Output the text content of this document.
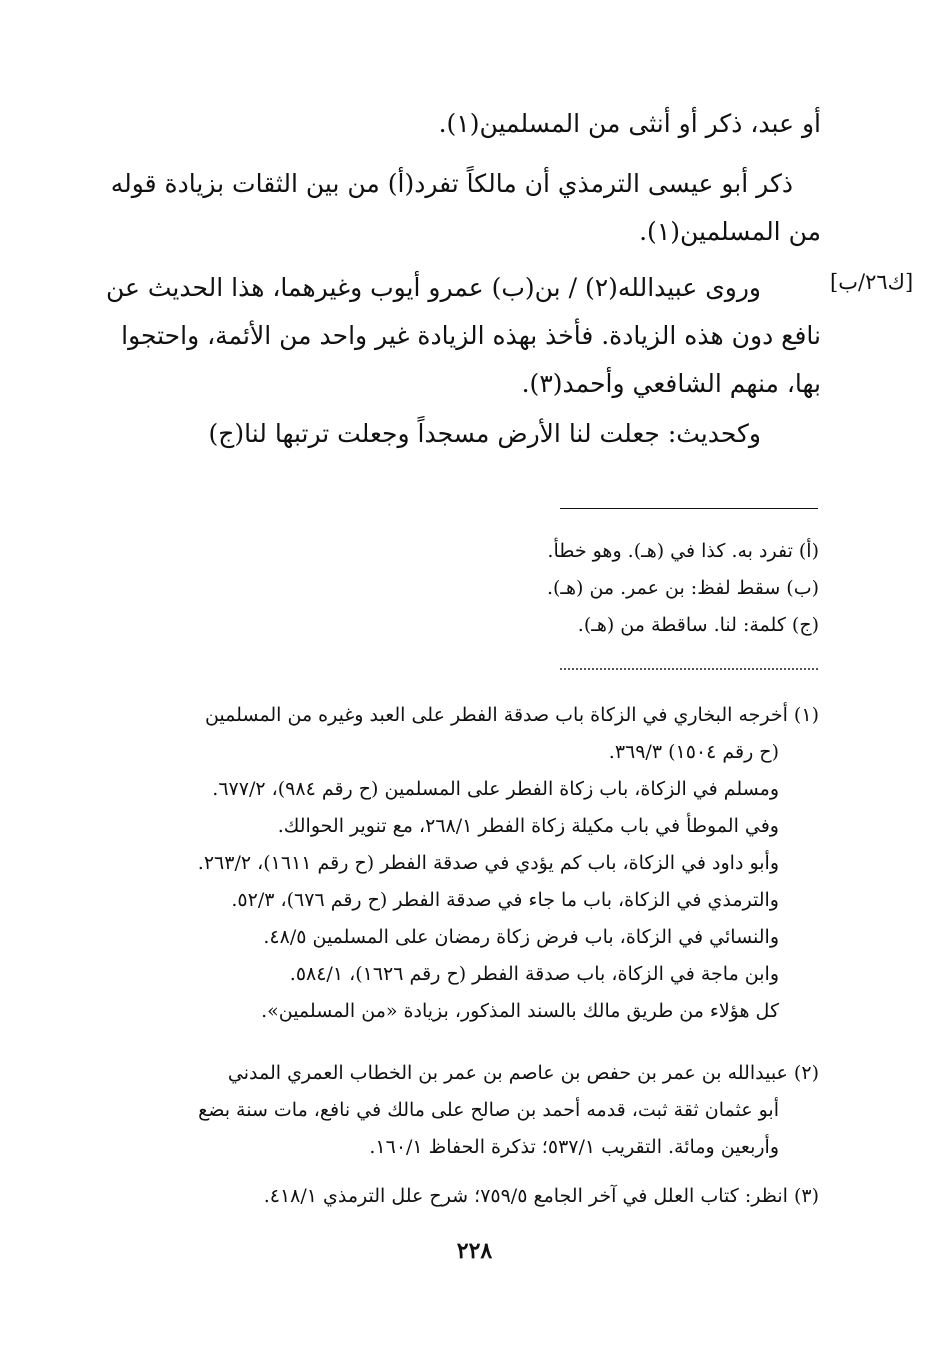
[ك٢٦/ب]
أو عبد، ذكر أو أنثى من المسلمين(١).
ذكر أبو عيسى الترمذي أن مالكاً تفرد(أ) من بين الثقات بزيادة قوله
من المسلمين(١).
وروى عبيدالله(٢) / بن(ب) عمرو أيوب وغيرهما، هذا الحديث عن
نافع دون هذه الزيادة. فأخذ بهذه الزيادة غير واحد من الأئمة، واحتجوا
بها، منهم الشافعي وأحمد(٣).
وكحديث: جعلت لنا الأرض مسجداً وجعلت ترتبها لنا(ج)
(أ) تفرد به. كذا في (هـ). وهو خطأ.
(ب) سقط لفظ: بن عمر. من (هـ).
(ج) كلمة: لنا. ساقطة من (هـ).
(١) أخرجه البخاري في الزكاة باب صدقة الفطر على العبد وغيره من المسلمين
(ح رقم ١٥٠٤) ٣٦٩/٣.
ومسلم في الزكاة، باب زكاة الفطر على المسلمين (ح رقم ٩٨٤)، ٦٧٧/٢.
وفي الموطأ في باب مكيلة زكاة الفطر ٢٦٨/١، مع تنوير الحوالك.
وأبو داود في الزكاة، باب كم يؤدي في صدقة الفطر (ح رقم ١٦١١)، ٢٦٣/٢.
والترمذي في الزكاة، باب ما جاء في صدقة الفطر (ح رقم ٦٧٦)، ٥٢/٣.
والنسائي في الزكاة، باب فرض زكاة رمضان على المسلمين ٤٨/٥.
وابن ماجة في الزكاة، باب صدقة الفطر (ح رقم ١٦٢٦)، ٥٨٤/١.
كل هؤلاء من طريق مالك بالسند المذكور، بزيادة «من المسلمين».
(٢) عبيدالله بن عمر بن حفص بن عاصم بن عمر بن الخطاب العمري المدني
أبو عثمان ثقة ثبت، قدمه أحمد بن صالح على مالك في نافع، مات سنة بضع
وأربعين ومائة. التقريب ٥٣٧/١؛ تذكرة الحفاظ ١٦٠/١.
(٣) انظر: كتاب العلل في آخر الجامع ٧٥٩/٥؛ شرح علل الترمذي ٤١٨/١.
٢٢٨
